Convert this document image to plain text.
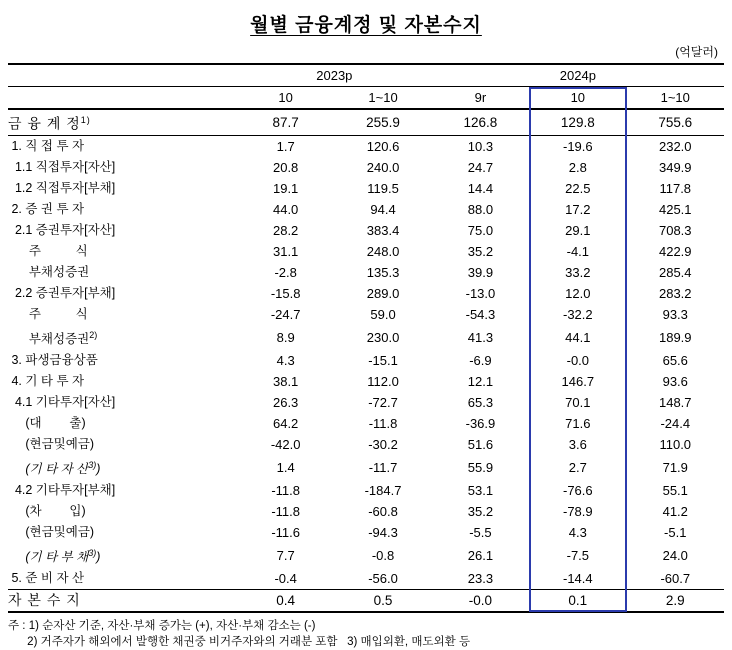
월별 금융계정 및 자본수지
(억달러)
	2023p		2024p		
	10	1~10	9r	10	1~10
금 융 계 정$^{1)}$	87.7	255.9	126.8	129.8	755.6
1. 직 접 투 자	1.7	120.6	10.3	-19.6	232.0
1.1 직접투자[자산]	20.8	240.0	24.7	2.8	349.9
1.2 직접투자[부채]	19.1	119.5	14.4	22.5	117.8
2. 증 권 투 자	44.0	94.4	88.0	17.2	425.1
2.1 증권투자[자산]	28.2	383.4	75.0	29.1	708.3
주          식	31.1	248.0	35.2	-4.1	422.9
부채성증권	-2.8	135.3	39.9	33.2	285.4
2.2 증권투자[부채]	-15.8	289.0	-13.0	12.0	283.2
주          식	-24.7	59.0	-54.3	-32.2	93.3
부채성증권$^{2)}$	8.9	230.0	41.3	44.1	189.9
3. 파생금융상품	4.3	-15.1	-6.9	-0.0	65.6
4. 기 타 투 자	38.1	112.0	12.1	146.7	93.6
4.1 기타투자[자산]	26.3	-72.7	65.3	70.1	148.7
(대        출)	64.2	-11.8	-36.9	71.6	-24.4
(현금및예금)	-42.0	-30.2	51.6	3.6	110.0
(기 타 자 산$^{3)}$)	1.4	-11.7	55.9	2.7	71.9
4.2 기타투자[부채]	-11.8	-184.7	53.1	-76.6	55.1
(차        입)	-11.8	-60.8	35.2	-78.9	41.2
(현금및예금)	-11.6	-94.3	-5.5	4.3	-5.1
(기 타 부 채$^{3)}$)	7.7	-0.8	26.1	-7.5	24.0
5. 준 비 자 산	-0.4	-56.0	23.3	-14.4	-60.7
자 본 수 지	0.4	0.5	-0.0	0.1	2.9
주 : 1) 순자산 기준, 자산·부채 증가는 (+), 자산·부채 감소는 (-)
2) 거주자가 해외에서 발행한 채권중 비거주자와의 거래분 포함   3) 매입외환, 매도외환 등
